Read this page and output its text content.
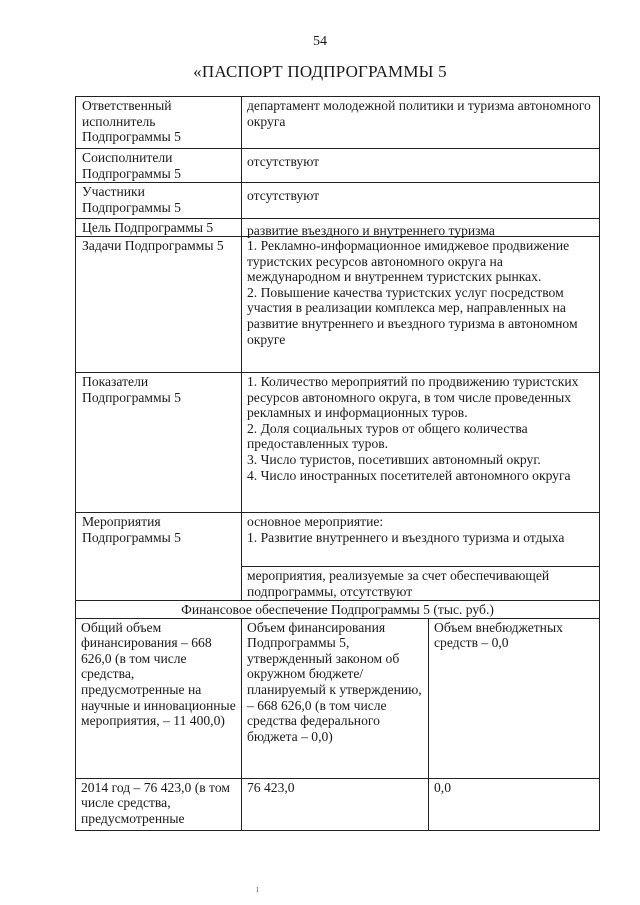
54
«ПАСПОРТ ПОДПРОГРАММЫ 5
Ответственный исполнитель Подпрограммы 5	департамент молодежной политики и туризма автономного округа	
Соисполнители Подпрограммы 5	отсутствуют	
Участники Подпрограммы 5	отсутствуют	
Цель Подпрограммы 5	развитие въездного и внутреннего туризма	
Задачи Подпрограммы 5	1. Рекламно-информационное имиджевое продвижение туристских ресурсов автономного округа на международном и внутреннем туристских рынках.
2. Повышение качества туристских услуг посредством участия в реализации комплекса мер, направленных на развитие внутреннего и въездного туризма в автономном округе	

Показатели Подпрограммы 5	1. Количество мероприятий по продвижению туристских ресурсов автономного округа, в том числе проведенных рекламных и информационных туров.
2. Доля социальных туров от общего количества предоставленных туров.
3. Число туристов, посетивших автономный округ.
4. Число иностранных посетителей автономного округа	

Мероприятия Подпрограммы 5	основное мероприятие:
1. Развитие внутреннего и въездного туризма и отдыха	

	мероприятия, реализуемые за счет обеспечивающей подпрограммы, отсутствуют	
Финансовое обеспечение Подпрограммы 5 (тыс. руб.)		
Общий объем финансирования – 668 626,0 (в том числе средства, предусмотренные на научные и инновационные мероприятия, – 11 400,0)	Объем финансирования Подпрограммы 5, утвержденный законом об окружном бюджете/ планируемый к утверждению, – 668 626,0 (в том числе средства федерального бюджета – 0,0)	Объем внебюджетных средств – 0,0
2014 год – 76 423,0 (в том числе средства, предусмотренные	76 423,0	0,0
ı
